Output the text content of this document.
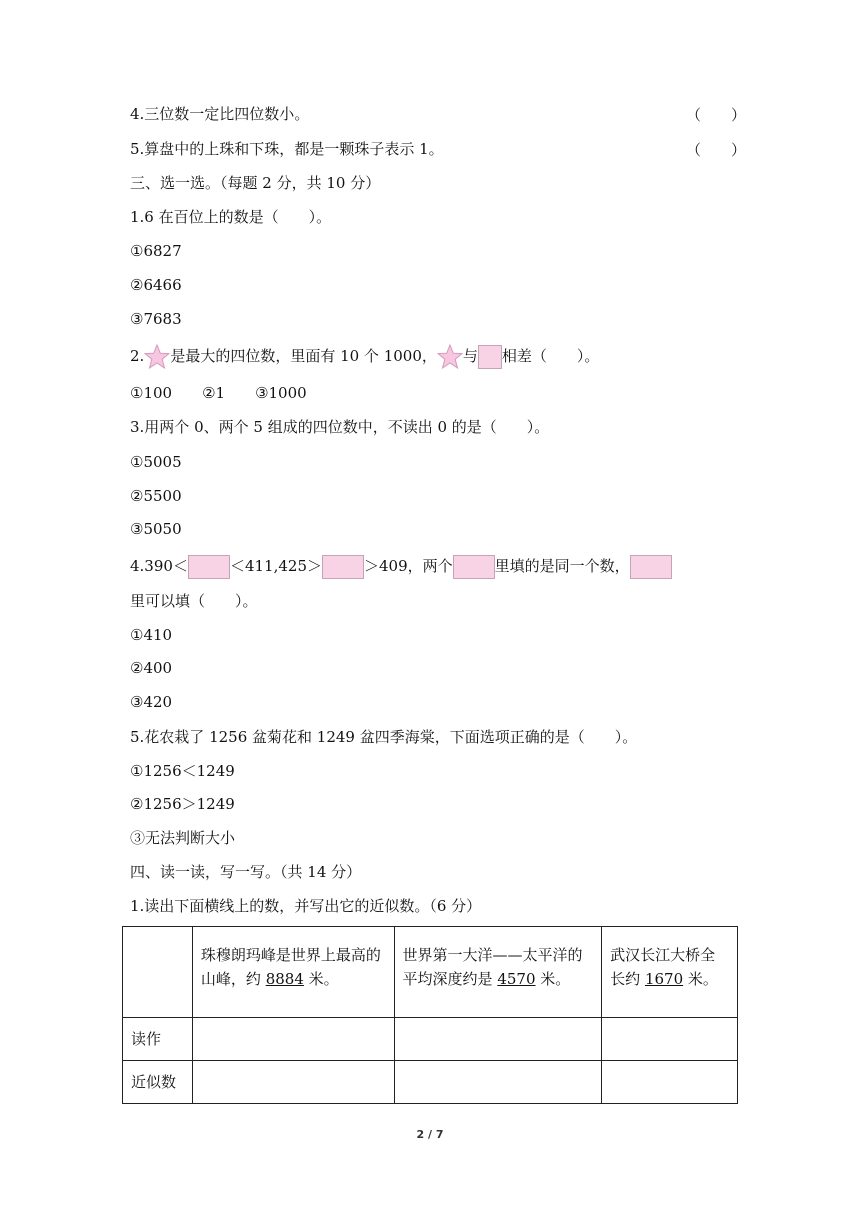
4.三位数一定比四位数小。	（　　）
5.算盘中的上珠和下珠，都是一颗珠子表示 1。	（　　）
三、选一选。（每题 2 分，共 10 分）
1.6 在百位上的数是（　　）。
①6827
②6466
③7683
2. 是最大的四位数，里面有 10 个 1000， 与 相差（　　）。
①100　　②1　　③1000
3.用两个 0、两个 5 组成的四位数中，不读出 0 的是（　　）。
①5005
②5500
③5050
4.390＜	＜411,425＞	＞409，两个	里填的是同一个数，
里可以填（　　）。
①410
②400
③420
5.花农栽了 1256 盆菊花和 1249 盆四季海棠，下面选项正确的是（　　）。
①1256＜1249
②1256＞1249
③无法判断大小
四、读一读，写一写。（共 14 分）
1.读出下面横线上的数，并写出它的近似数。（6 分）
	珠穆朗玛峰是世界上最高的山峰，约 8884 米。	世界第一大洋——太平洋的平均深度约是 4570 米。	武汉长江大桥全长约 1670 米。
读作			
近似数			
2 / 7
